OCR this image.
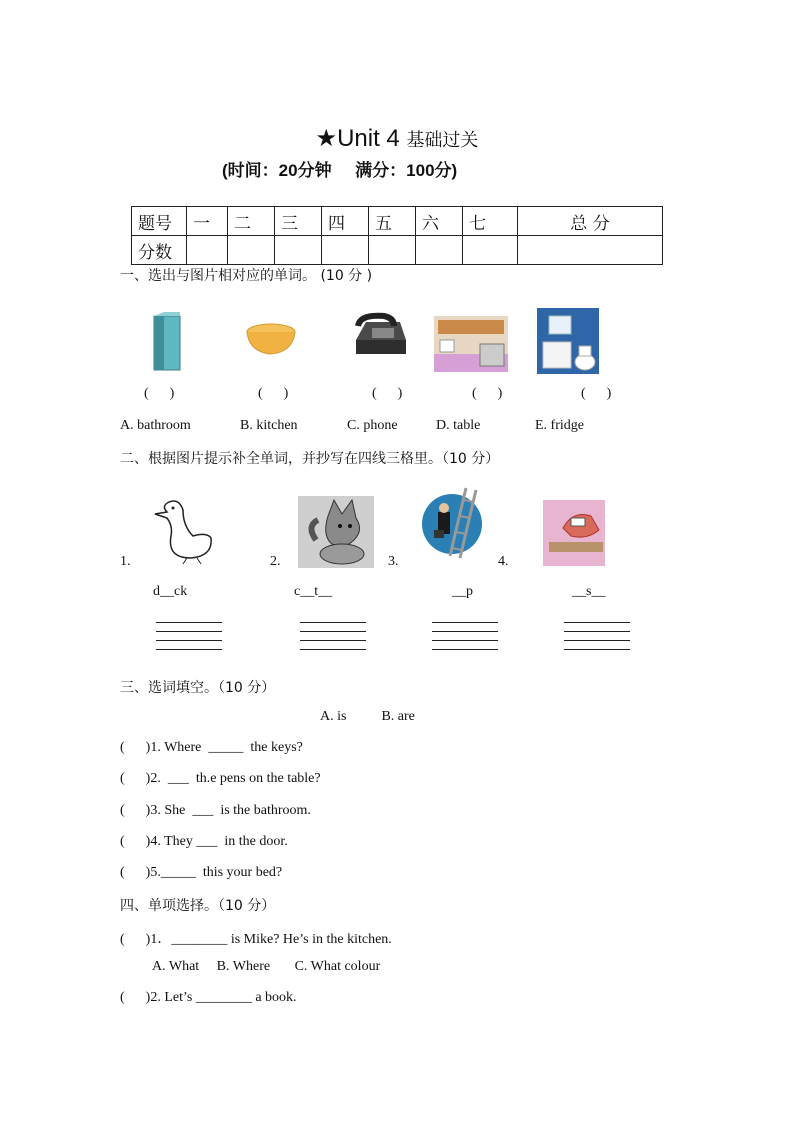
★Unit 4 基础过关
(时间：20分钟     满分：100分)
题号	一	二	三	四	五	六	七	总 分
分数								
一、选出与图片相对应的单词。 (10 分 )
(      )	(      )	(      )	(      )	(      )
A. bathroom	B. kitchen	C. phone	D. table	E. fridge
二、根据图片提示补全单词，并抄写在四线三格里。（10 分）
1.	2.	3.	4.
d__ck	c__t__	__p	__s__
三、选词填空。（10 分）
A. is          B. are
(      )1. Where  _____  the keys?
(      )2.  ___  th.e pens on the table?
(      )3. She  ___  is the bathroom.
(      )4. They ___  in the door.
(      )5._____  this your bed?
四、单项选择。（10 分）
(      )1．________ is Mike? He’s in the kitchen.
A. What     B. Where       C. What colour
(      )2. Let’s ________ a book.
